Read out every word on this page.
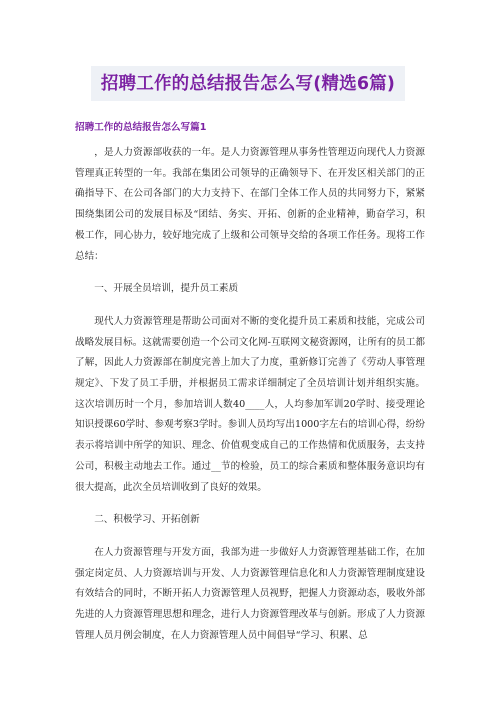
招聘工作的总结报告怎么写(精选6篇)
招聘工作的总结报告怎么写篇1

，是人力资源部收获的一年。是人力资源管理从事务性管理迈向现代人力资源管理真正转型的一年。我部在集团公司领导的正确领导下、在开发区相关部门的正确指导下、在公司各部门的大力支持下、在部门全体工作人员的共同努力下，紧紧围绕集团公司的发展目标及“团结、务实、开拓、创新的企业精神，勤奋学习，积极工作，同心协力，较好地完成了上级和公司领导交给的各项工作任务。现将工作总结：

一、开展全员培训，提升员工素质

现代人力资源管理是帮助公司面对不断的变化提升员工素质和技能，完成公司战略发展目标。这就需要创造一个公司文化网-互联网文秘资源网，让所有的员工都了解，因此人力资源部在制度完善上加大了力度，重新修订完善了《劳动人事管理规定》、下发了员工手册，并根据员工需求详细制定了全员培训计划并组织实施。这次培训历时一个月，参加培训人数40____人，人均参加军训20学时、接受理论知识授课60学时、参观考察3学时。参训人员均写出1000字左右的培训心得，纷纷表示将培训中所学的知识、理念、价值观变成自己的工作热情和优质服务，去支持公司，积极主动地去工作。通过__节的检验，员工的综合素质和整体服务意识均有很大提高，此次全员培训收到了良好的效果。

二、积极学习、开拓创新

在人力资源管理与开发方面，我部为进一步做好人力资源管理基础工作，在加强定岗定员、人力资源培训与开发、人力资源管理信息化和人力资源管理制度建设有效结合的同时，不断开拓人力资源管理人员视野，把握人力资源动态，吸收外部先进的人力资源管理思想和理念，进行人力资源管理改革与创新。形成了人力资源管理人员月例会制度，在人力资源管理人员中间倡导“学习、积累、总
